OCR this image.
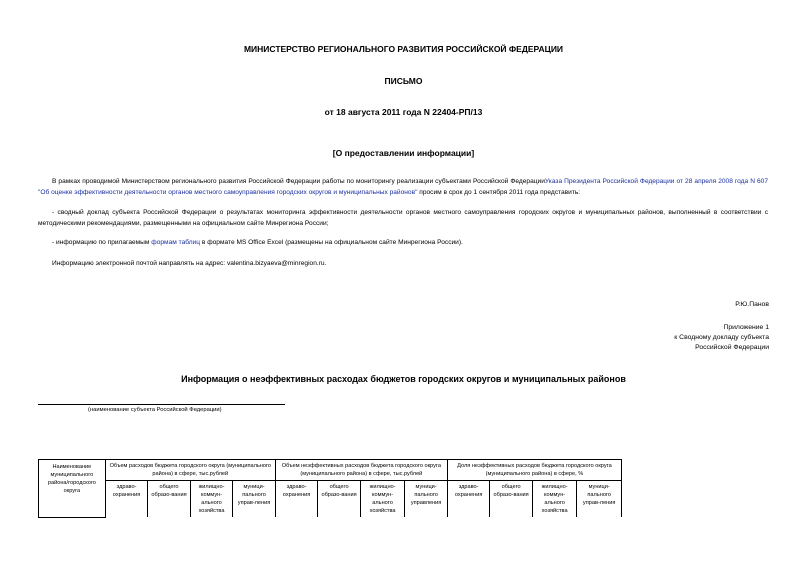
МИНИСТЕРСТВО РЕГИОНАЛЬНОГО РАЗВИТИЯ РОССИЙСКОЙ ФЕДЕРАЦИИ
ПИСЬМО
от 18 августа 2011 года N 22404-РП/13
[О предоставлении информации]
В рамках проводимой Министерством регионального развития Российской Федерации работы по мониторингу реализации субъектами Российской ФедерацииУказа Президента Российской Федерации от 28 апреля 2008 года N 607 "Об оценке эффективности деятельности органов местного самоуправления городских округов и муниципальных районов" просим в срок до 1 сентября 2011 года представить:
- сводный доклад субъекта Российской Федерации о результатах мониторинга эффективности деятельности органов местного самоуправления городских округов и муниципальных районов, выполненный в соответствии с методическими рекомендациями, размещенными на официальном сайте Минрегиона России;
- информацию по прилагаемым формам таблиц в формате MS Office Excel (размещены на официальном сайте Минрегиона России).
Информацию электронной почтой направлять на адрес: valentina.bizyaeva@minregion.ru.
Р.Ю.Панов
Приложение 1
к Сводному докладу субъекта
Российской Федерации
Информация о неэффективных расходах бюджетов городских округов и муниципальных районов
(наименование субъекта Российской Федерации)
Наименование муниципального района/городского округа	Объем расходов бюджета городского округа (муниципального района) в сфере, тыс.рублей				Объем неэффективных расходов бюджета городского округа (муниципального района) в сфере, тыс.рублей				Доля неэффективных расходов бюджета городского округа (муниципального района) в сфере, %			
	здраво-охранения	общего образо-вания	жилищно-коммун-ального хозяйства	муници-пального управ-ления	здраво-охранения	общего образо-вания	жилищно-коммун-ального хозяйства	муници-пального управления	здраво-охранения	общего образо-вания	жилищно-коммун-ального хозяйства	муници-пального управ-ления
